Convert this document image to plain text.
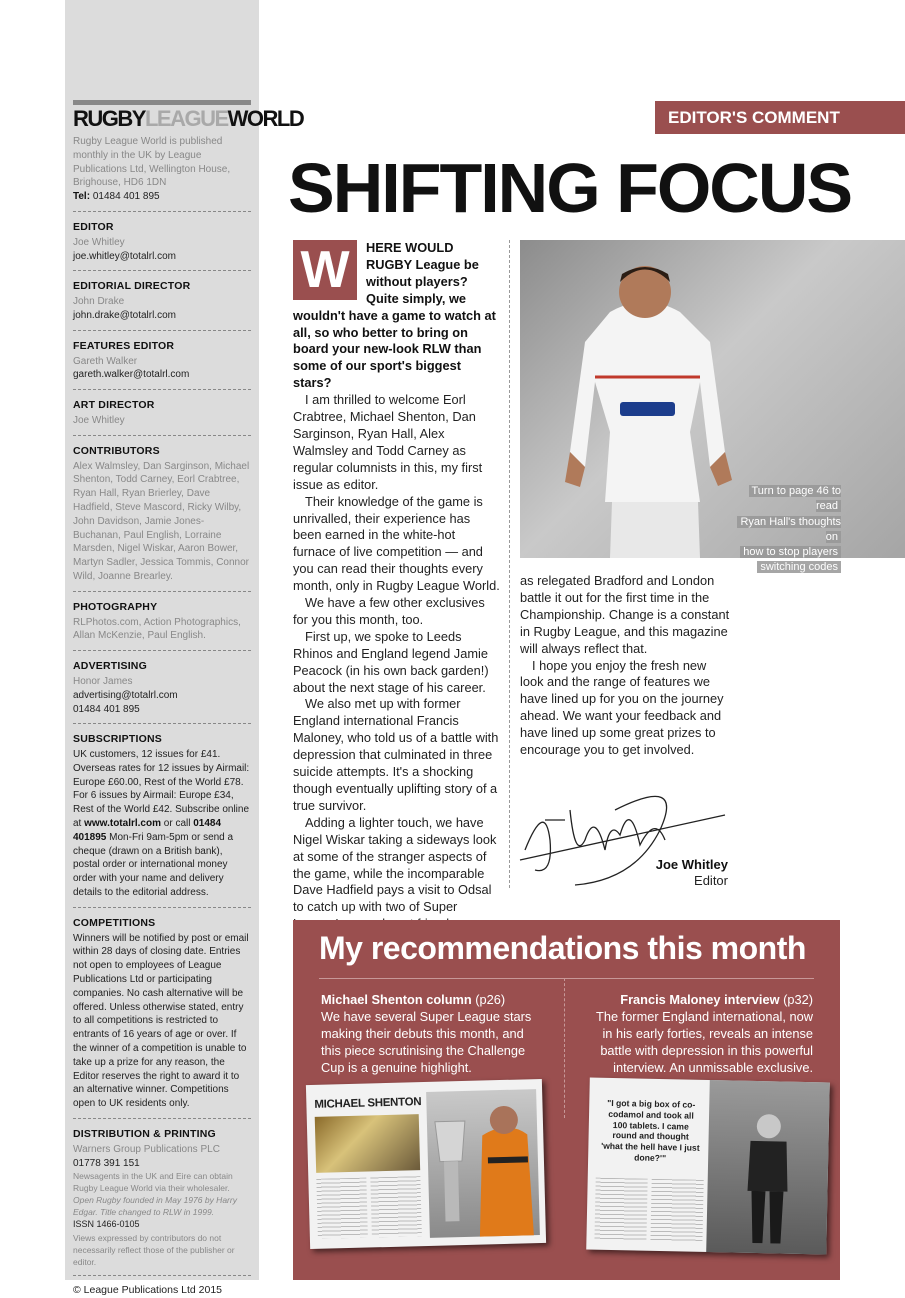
RUGBYLEAGUEWORLD
Rugby League World is published monthly in the UK by League Publications Ltd, Wellington House, Brighouse, HD6 1DN
Tel: 01484 401 895
EDITOR
Joe Whitley
joe.whitley@totalrl.com
EDITORIAL DIRECTOR
John Drake
john.drake@totalrl.com
FEATURES EDITOR
Gareth Walker
gareth.walker@totalrl.com
ART DIRECTOR
Joe Whitley
CONTRIBUTORS
Alex Walmsley, Dan Sarginson, Michael Shenton, Todd Carney, Eorl Crabtree, Ryan Hall, Ryan Brierley, Dave Hadfield, Steve Mascord, Ricky Wilby, John Davidson, Jamie Jones-Buchanan, Paul English, Lorraine Marsden, Nigel Wiskar, Aaron Bower, Martyn Sadler, Jessica Tommis, Connor Wild, Joanne Brearley.
PHOTOGRAPHY
RLPhotos.com, Action Photographics, Allan McKenzie, Paul English.
ADVERTISING
Honor James
advertising@totalrl.com
01484 401 895
SUBSCRIPTIONS
UK customers, 12 issues for £41. Overseas rates for 12 issues by Airmail: Europe £60.00, Rest of the World £78. For 6 issues by Airmail: Europe £34, Rest of the World £42. Subscribe online at www.totalrl.com or call 01484 401895 Mon-Fri 9am-5pm or send a cheque (drawn on a British bank), postal order or international money order with your name and delivery details to the editorial address.
COMPETITIONS
Winners will be notified by post or email within 28 days of closing date. Entries not open to employees of League Publications Ltd or participating companies. No cash alternative will be offered. Unless otherwise stated, entry to all competitions is restricted to entrants of 16 years of age or over. If the winner of a competition is unable to take up a prize for any reason, the Editor reserves the right to award it to an alternative winner. Competitions open to UK residents only.
DISTRIBUTION & PRINTING
Warners Group Publications PLC
01778 391 151
Newsagents in the UK and Eire can obtain Rugby League World via their wholesaler.
Open Rugby founded in May 1976 by Harry Edgar. Title changed to RLW in 1999.
ISSN 1466-0105
Views expressed by contributors do not necessarily reflect those of the publisher or editor.
© League Publications Ltd 2015
EDITOR'S COMMENT
SHIFTING FOCUS
W	HERE WOULD RUGBY League be without players? Quite simply, we wouldn't have a game to watch at all, so who better to bring on board your new-look RLW than some of our sport's biggest stars?

I am thrilled to welcome Eorl Crabtree, Michael Shenton, Dan Sarginson, Ryan Hall, Alex Walmsley and Todd Carney as regular columnists in this, my first issue as editor.

Their knowledge of the game is unrivalled, their experience has been earned in the white-hot furnace of live competition — and you can read their thoughts every month, only in Rugby League World.

We have a few other exclusives for you this month, too.

First up, we spoke to Leeds Rhinos and England legend Jamie Peacock (in his own back garden!) about the next stage of his career.

We also met up with former England international Francis Maloney, who told us of a battle with depression that culminated in three suicide attempts. It's a shocking though eventually uplifting story of a true survivor.

Adding a lighter touch, we have Nigel Wiskar taking a sideways look at some of the stranger aspects of the game, while the incomparable Dave Hadfield pays a visit to Odsal to catch up with two of Super

Turn to page 46 to read
Ryan Hall's thoughts on
how to stop players
switching codes

as relegated Bradford and London battle it out for the first time in the Championship. Change is a constant in Rugby League, and this magazine will always reflect that.

I hope you enjoy the fresh new look and the range of features we have lined up for you on the journey ahead. We want your feedback and have lined up some great prizes to encourage you to get involved.

Joe Whitley
Editor
My recommendations this month
Michael Shenton column (p26)
We have several Super League stars making their debuts this month, and this piece scrutinising the Challenge Cup is a genuine highlight.
Francis Maloney interview (p32)
The former England international, now in his early forties, reveals an intense battle with depression in this powerful interview. An unmissable exclusive.
MICHAEL SHENTON	"I got a big box of co-codamol and took all 100 tablets. I came round and thought 'what the hell have I just done?'"
